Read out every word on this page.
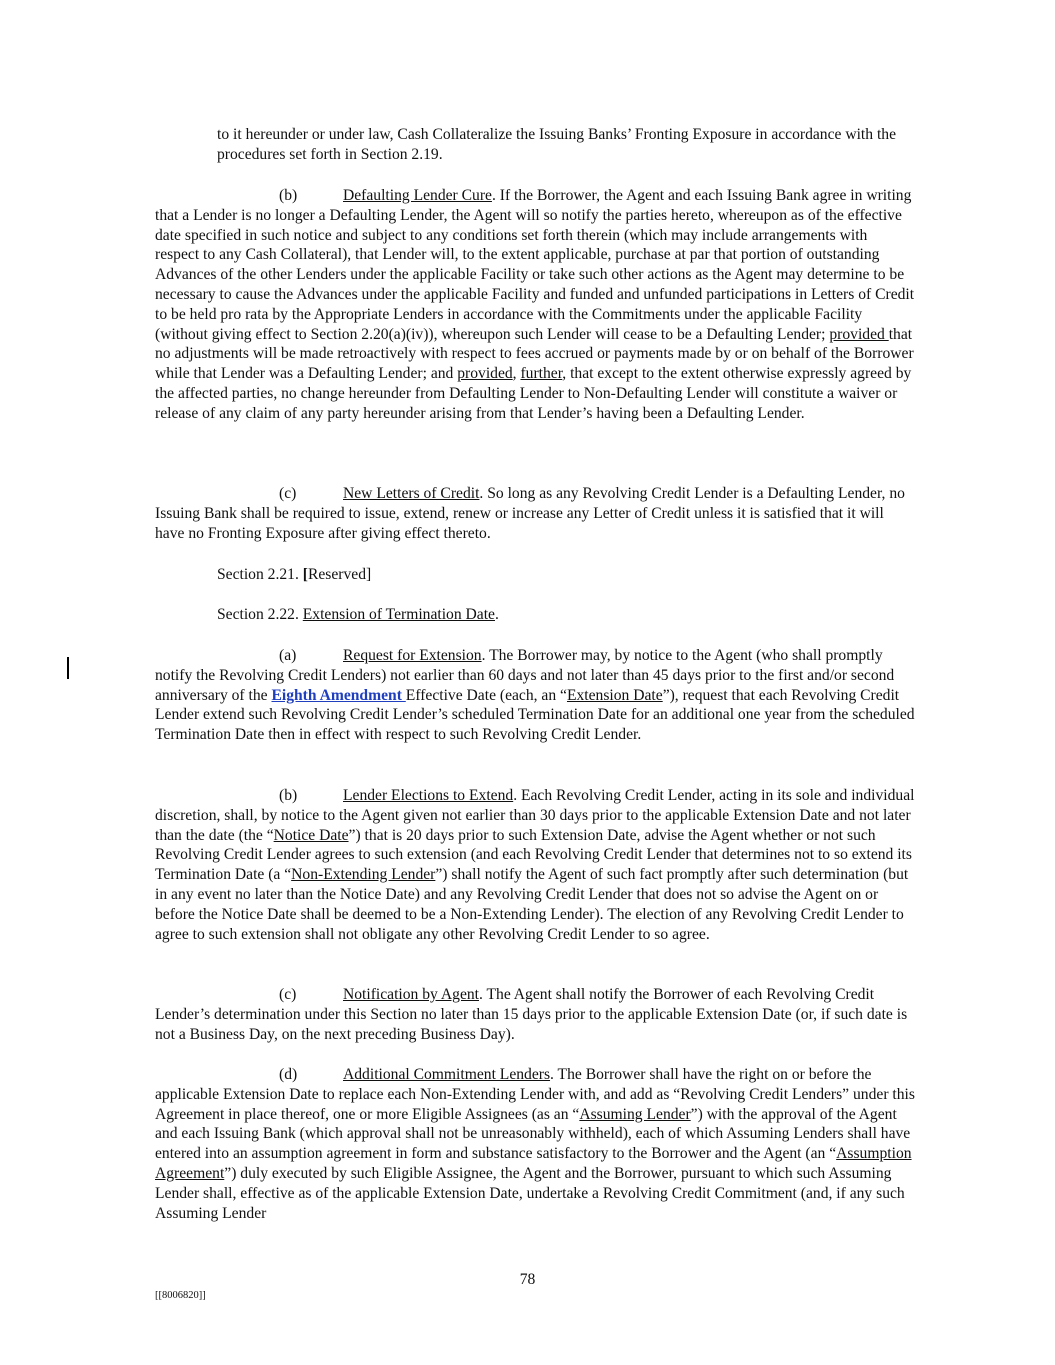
to it hereunder or under law, Cash Collateralize the Issuing Banks’ Fronting Exposure in accordance with the procedures set forth in Section 2.19.

(b)	Defaulting Lender Cure. If the Borrower, the Agent and each Issuing Bank agree in writing that a Lender is no longer a Defaulting Lender, the Agent will so notify the parties hereto, whereupon as of the effective date specified in such notice and subject to any conditions set forth therein (which may include arrangements with respect to any Cash Collateral), that Lender will, to the extent applicable, purchase at par that portion of outstanding Advances of the other Lenders under the applicable Facility or take such other actions as the Agent may determine to be necessary to cause the Advances under the applicable Facility and funded and unfunded participations in Letters of Credit to be held pro rata by the Appropriate Lenders in accordance with the Commitments under the applicable Facility (without giving effect to Section 2.20(a)(iv)), whereupon such Lender will cease to be a Defaulting Lender; provided that no adjustments will be made retroactively with respect to fees accrued or payments made by or on behalf of the Borrower while that Lender was a Defaulting Lender; and provided, further, that except to the extent otherwise expressly agreed by the affected parties, no change hereunder from Defaulting Lender to Non-Defaulting Lender will constitute a waiver or release of any claim of any party hereunder arising from that Lender’s having been a Defaulting Lender.

(c)	New Letters of Credit. So long as any Revolving Credit Lender is a Defaulting Lender, no Issuing Bank shall be required to issue, extend, renew or increase any Letter of Credit unless it is satisfied that it will have no Fronting Exposure after giving effect thereto.

Section 2.21. [Reserved]

Section 2.22. Extension of Termination Date.

(a)	Request for Extension. The Borrower may, by notice to the Agent (who shall promptly notify the Revolving Credit Lenders) not earlier than 60 days and not later than 45 days prior to the first and/or second anniversary of the Eighth Amendment Effective Date (each, an “Extension Date”), request that each Revolving Credit Lender extend such Revolving Credit Lender’s scheduled Termination Date for an additional one year from the scheduled Termination Date then in effect with respect to such Revolving Credit Lender.

(b)	Lender Elections to Extend. Each Revolving Credit Lender, acting in its sole and individual discretion, shall, by notice to the Agent given not earlier than 30 days prior to the applicable Extension Date and not later than the date (the “Notice Date”) that is 20 days prior to such Extension Date, advise the Agent whether or not such Revolving Credit Lender agrees to such extension (and each Revolving Credit Lender that determines not to so extend its Termination Date (a “Non-Extending Lender”) shall notify the Agent of such fact promptly after such determination (but in any event no later than the Notice Date) and any Revolving Credit Lender that does not so advise the Agent on or before the Notice Date shall be deemed to be a Non-Extending Lender). The election of any Revolving Credit Lender to agree to such extension shall not obligate any other Revolving Credit Lender to so agree.

(c)	Notification by Agent. The Agent shall notify the Borrower of each Revolving Credit Lender’s determination under this Section no later than 15 days prior to the applicable Extension Date (or, if such date is not a Business Day, on the next preceding Business Day).

(d)	Additional Commitment Lenders. The Borrower shall have the right on or before the applicable Extension Date to replace each Non-Extending Lender with, and add as “Revolving Credit Lenders” under this Agreement in place thereof, one or more Eligible Assignees (as an “Assuming Lender”) with the approval of the Agent and each Issuing Bank (which approval shall not be unreasonably withheld), each of which Assuming Lenders shall have entered into an assumption agreement in form and substance satisfactory to the Borrower and the Agent (an “Assumption Agreement”) duly executed by such Eligible Assignee, the Agent and the Borrower, pursuant to which such Assuming Lender shall, effective as of the applicable Extension Date, undertake a Revolving Credit Commitment (and, if any such Assuming Lender

78
[[8006820]]
